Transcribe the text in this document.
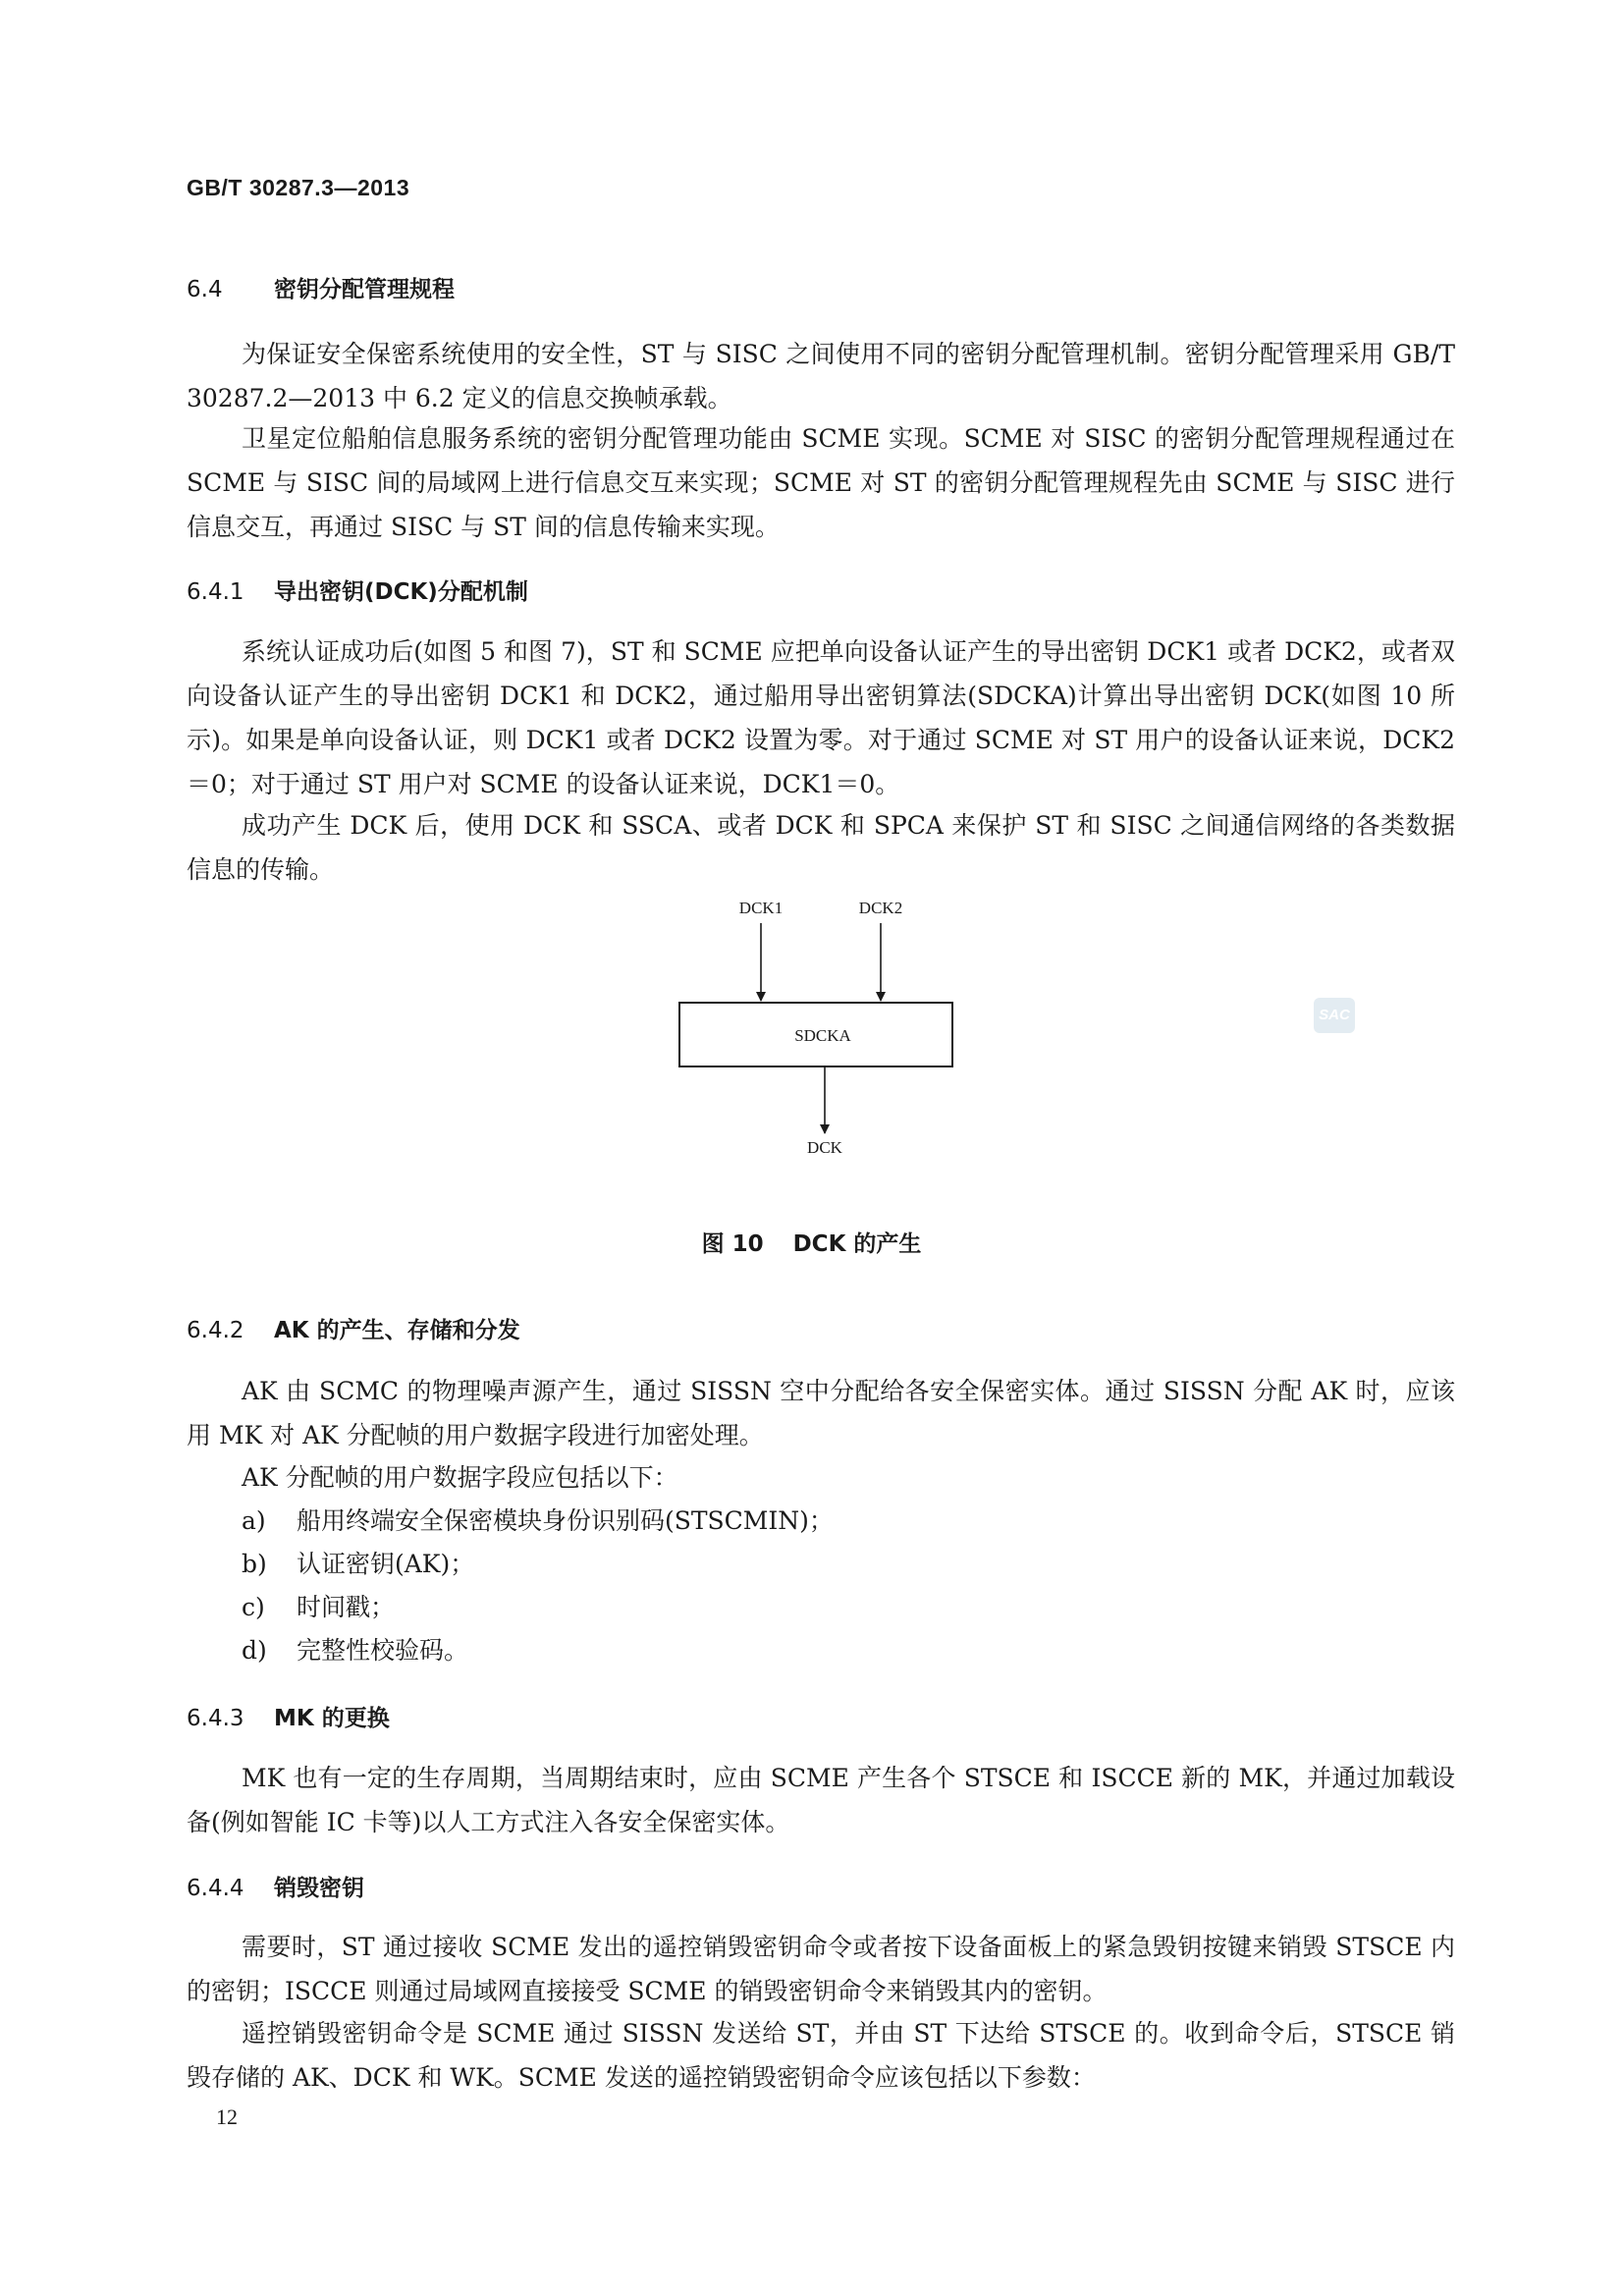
GB/T 30287.3—2013
6.4 密钥分配管理规程

为保证安全保密系统使用的安全性，ST 与 SISC 之间使用不同的密钥分配管理机制。密钥分配管理采用 GB/T 30287.2—2013 中 6.2 定义的信息交换帧承载。

卫星定位船舶信息服务系统的密钥分配管理功能由 SCME 实现。SCME 对 SISC 的密钥分配管理规程通过在 SCME 与 SISC 间的局域网上进行信息交互来实现；SCME 对 ST 的密钥分配管理规程先由 SCME 与 SISC 进行信息交互，再通过 SISC 与 ST 间的信息传输来实现。

6.4.1 导出密钥(DCK)分配机制

系统认证成功后(如图 5 和图 7)，ST 和 SCME 应把单向设备认证产生的导出密钥 DCK1 或者 DCK2，或者双向设备认证产生的导出密钥 DCK1 和 DCK2，通过船用导出密钥算法(SDCKA)计算出导出密钥 DCK(如图 10 所示)。如果是单向设备认证，则 DCK1 或者 DCK2 设置为零。对于通过 SCME 对 ST 用户的设备认证来说，DCK2＝0；对于通过 ST 用户对 SCME 的设备认证来说，DCK1＝0。

成功产生 DCK 后，使用 DCK 和 SSCA、或者 DCK 和 SPCA 来保护 ST 和 SISC 之间通信网络的各类数据信息的传输。

DCK1	DCK2
SDCKA
DCK
SAC
图 10 DCK 的产生
6.4.2 AK 的产生、存储和分发

AK 由 SCMC 的物理噪声源产生，通过 SISSN 空中分配给各安全保密实体。通过 SISSN 分配 AK 时，应该用 MK 对 AK 分配帧的用户数据字段进行加密处理。

AK 分配帧的用户数据字段应包括以下：

a) 船用终端安全保密模块身份识别码(STSCMIN)；
b) 认证密钥(AK)；
c) 时间戳；
d) 完整性校验码。
6.4.3 MK 的更换

MK 也有一定的生存周期，当周期结束时，应由 SCME 产生各个 STSCE 和 ISCCE 新的 MK，并通过加载设备(例如智能 IC 卡等)以人工方式注入各安全保密实体。

6.4.4 销毁密钥

需要时，ST 通过接收 SCME 发出的遥控销毁密钥命令或者按下设备面板上的紧急毁钥按键来销毁 STSCE 内的密钥；ISCCE 则通过局域网直接接受 SCME 的销毁密钥命令来销毁其内的密钥。

遥控销毁密钥命令是 SCME 通过 SISSN 发送给 ST，并由 ST 下达给 STSCE 的。收到命令后，STSCE 销毁存储的 AK、DCK 和 WK。SCME 发送的遥控销毁密钥命令应该包括以下参数：

12
